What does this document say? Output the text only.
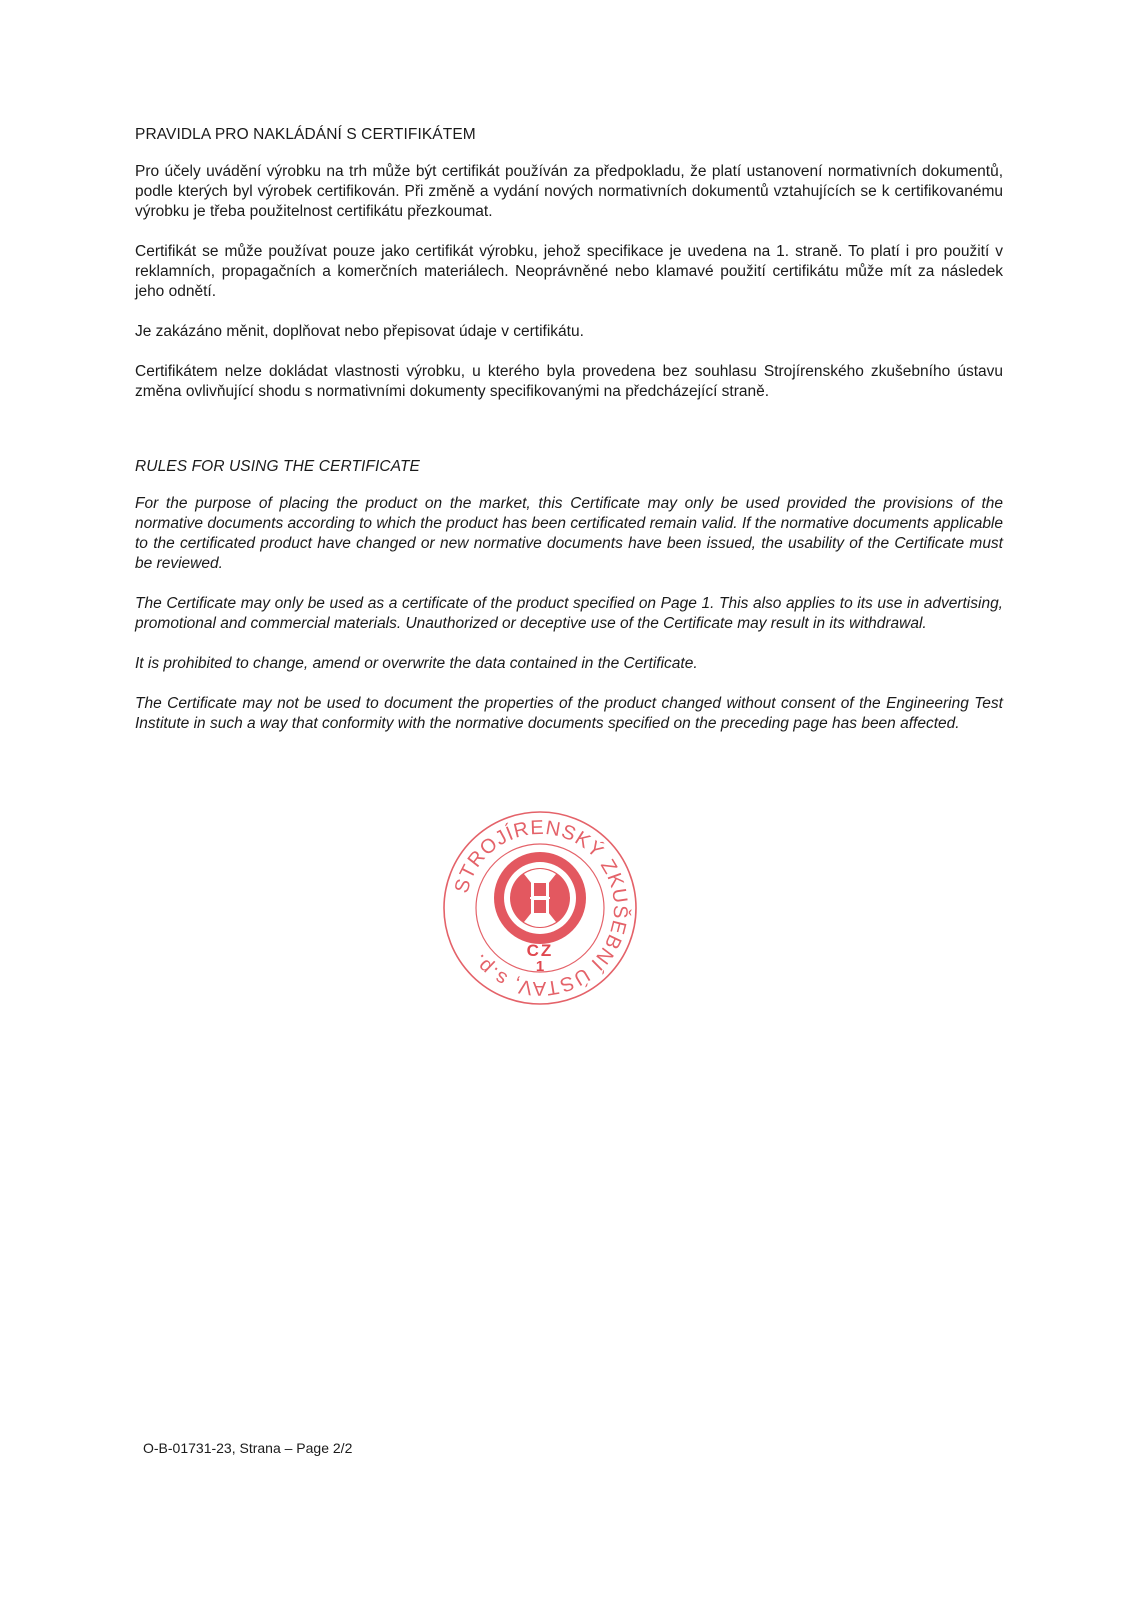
PRAVIDLA PRO NAKLÁDÁNÍ S CERTIFIKÁTEM

Pro účely uvádění výrobku na trh může být certifikát používán za předpokladu, že platí ustanovení normativních dokumentů, podle kterých byl výrobek certifikován. Při změně a vydání nových normativních dokumentů vztahujících se k certifikovanému výrobku je třeba použitelnost certifikátu přezkoumat.

Certifikát se může používat pouze jako certifikát výrobku, jehož specifikace je uvedena na 1. straně. To platí i pro použití v reklamních, propagačních a komerčních materiálech. Neoprávněné nebo klamavé použití certifikátu může mít za následek jeho odnětí.

Je zakázáno měnit, doplňovat nebo přepisovat údaje v certifikátu.

Certifikátem nelze dokládat vlastnosti výrobku, u kterého byla provedena bez souhlasu Strojírenského zkušebního ústavu změna ovlivňující shodu s normativními dokumenty specifikovanými na předcházející straně.

RULES FOR USING THE CERTIFICATE

For the purpose of placing the product on the market, this Certificate may only be used provided the provisions of the normative documents according to which the product has been certificated remain valid. If the normative documents applicable to the certificated product have changed or new normative documents have been issued, the usability of the Certificate must be reviewed.

The Certificate may only be used as a certificate of the product specified on Page 1. This also applies to its use in advertising, promotional and commercial materials. Unauthorized or deceptive use of the Certificate may result in its withdrawal.

It is prohibited to change, amend or overwrite the data contained in the Certificate.

The Certificate may not be used to document the properties of the product changed without consent of the Engineering Test Institute in such a way that conformity with the normative documents specified on the preceding page has been affected.

STROJÍRENSKÝ ZKUŠEBNÍ ÚSTAV, s.p.	CZ
1
O-B-01731-23, Strana – Page 2/2
